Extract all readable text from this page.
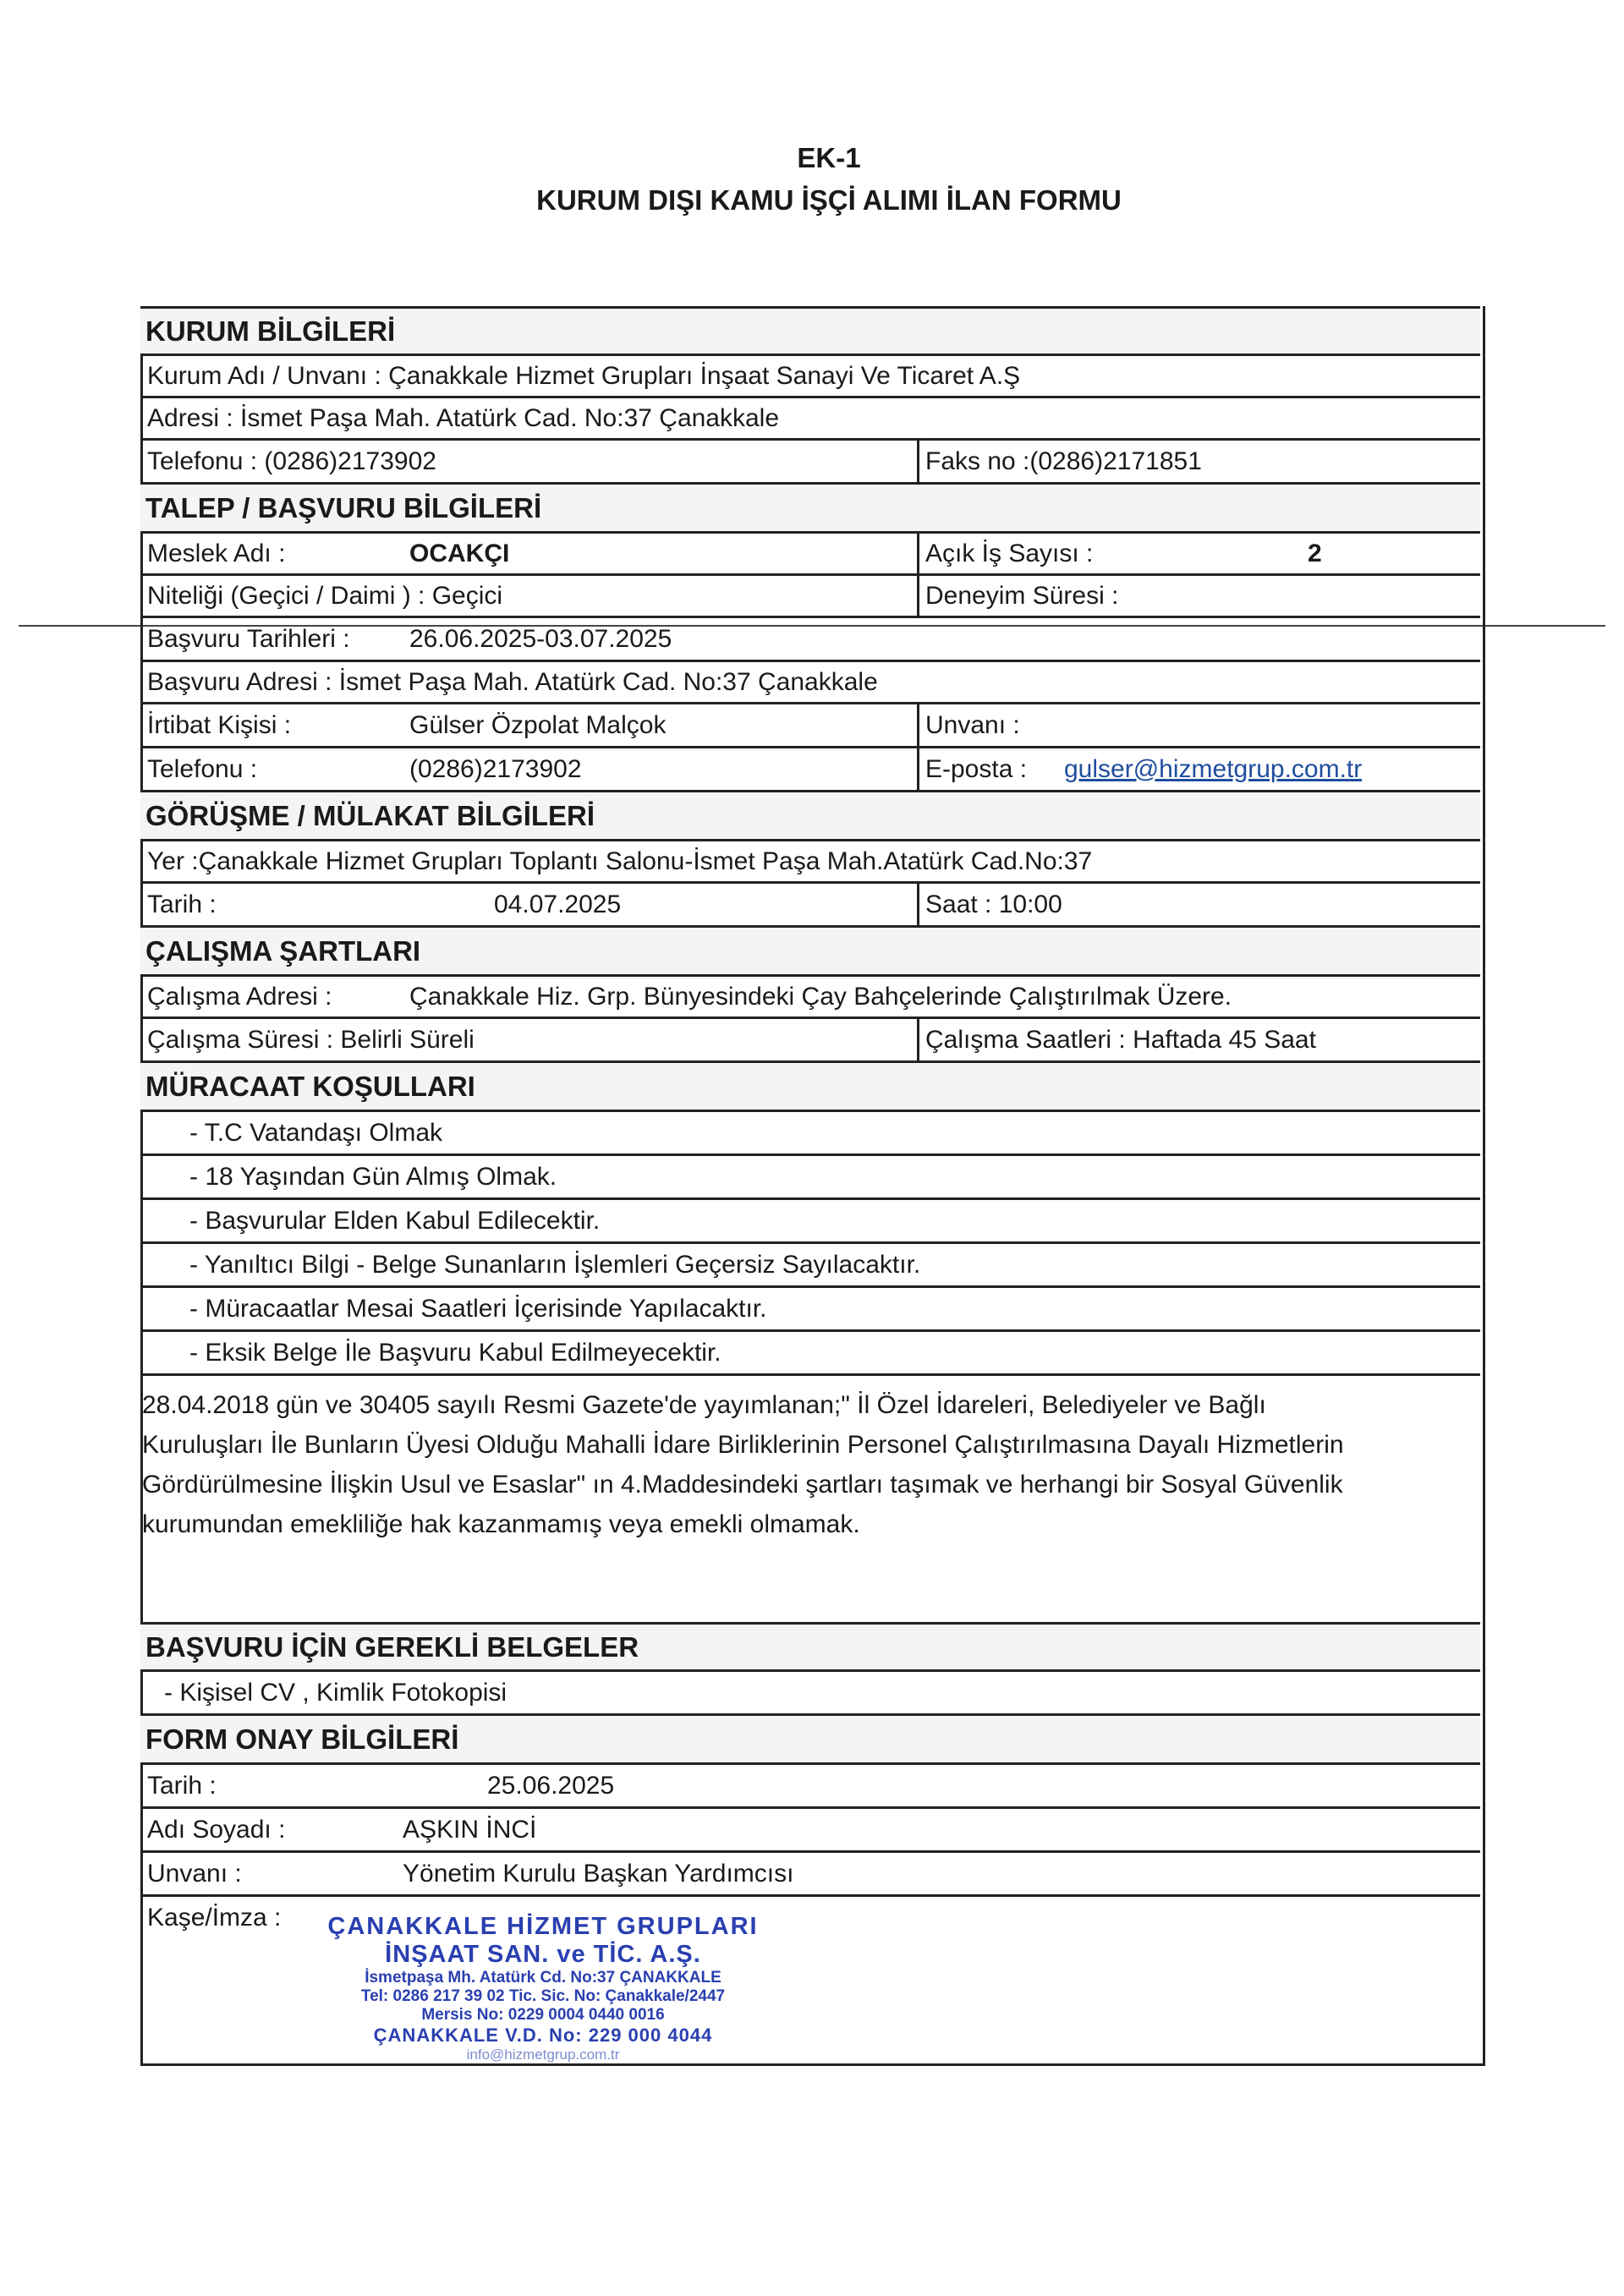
EK-1
KURUM DIŞI KAMU İŞÇİ ALIMI İLAN FORMU
KURUM BİLGİLERİ
Kurum Adı / Unvanı : Çanakkale Hizmet Grupları İnşaat Sanayi Ve Ticaret A.Ş
Adresi : İsmet Paşa Mah. Atatürk Cad. No:37 Çanakkale
Telefonu : (0286)2173902	Faks no :(0286)2171851
TALEP / BAŞVURU BİLGİLERİ
Meslek Adı :	OCAKÇI	Açık İş Sayısı :	2
Niteliği (Geçici / Daimi ) : Geçici	Deneyim Süresi :
Başvuru Tarihleri : 26.06.2025-03.07.2025
Başvuru Adresi : İsmet Paşa Mah. Atatürk Cad. No:37 Çanakkale
İrtibat Kişisi :	Gülser Özpolat Malçok	Unvanı :
Telefonu :	(0286)2173902	E-posta : gulser@hizmetgrup.com.tr
GÖRÜŞME / MÜLAKAT BİLGİLERİ
Yer :Çanakkale Hizmet Grupları Toplantı Salonu-İsmet Paşa Mah.Atatürk Cad.No:37
Tarih :	04.07.2025	Saat : 10:00
ÇALIŞMA ŞARTLARI
Çalışma Adresi :	Çanakkale Hiz. Grp. Bünyesindeki Çay Bahçelerinde Çalıştırılmak Üzere.
Çalışma Süresi : Belirli Süreli	Çalışma Saatleri : Haftada 45 Saat
MÜRACAAT KOŞULLARI
- T.C Vatandaşı Olmak
- 18 Yaşından Gün Almış Olmak.
- Başvurular Elden Kabul Edilecektir.
- Yanıltıcı Bilgi - Belge Sunanların İşlemleri Geçersiz Sayılacaktır.
- Müracaatlar Mesai Saatleri İçerisinde Yapılacaktır.
- Eksik Belge İle Başvuru Kabul Edilmeyecektir.
28.04.2018 gün ve 30405 sayılı Resmi Gazete'de yayımlanan;" İl Özel İdareleri, Belediyeler ve Bağlı
Kuruluşları İle Bunların Üyesi Olduğu Mahalli İdare Birliklerinin Personel Çalıştırılmasına Dayalı Hizmetlerin
Gördürülmesine İlişkin Usul ve Esaslar" ın 4.Maddesindeki şartları taşımak ve herhangi bir Sosyal Güvenlik
kurumundan emekliliğe hak kazanmamış veya emekli olmamak.
BAŞVURU İÇİN GEREKLİ BELGELER
- Kişisel CV , Kimlik Fotokopisi
FORM ONAY BİLGİLERİ
Tarih :	25.06.2025
Adı Soyadı :	AŞKIN İNCİ
Unvanı :	Yönetim Kurulu Başkan Yardımcısı
Kaşe/İmza : ÇANAKKALE HİZMET GRUPLARI
İNŞAAT SAN. ve TİC. A.Ş.
İsmetpaşa Mh. Atatürk Cd. No:37 ÇANAKKALE
Tel: 0286 217 39 02 Tic. Sic. No: Çanakkale/2447
Mersis No: 0229 0004 0440 0016
ÇANAKKALE V.D. No: 229 000 4044
info@hizmetgrup.com.tr
